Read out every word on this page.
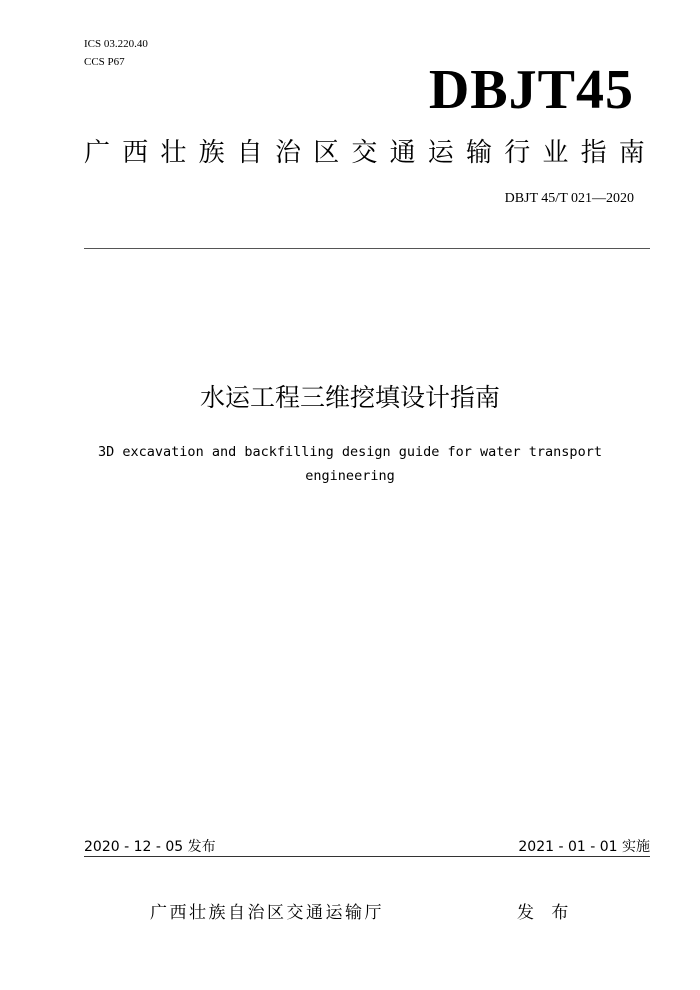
ICS 03.220.40
CCS P67	DBJT45
广西壮族自治区交通运输行业指南
DBJT 45/T 021—2020
水运工程三维挖填设计指南
3D excavation and backfilling design guide for water transport engineering
2020 - 12 - 05 发布	2021 - 01 - 01 实施
广西壮族自治区交通运输厅	发 布
